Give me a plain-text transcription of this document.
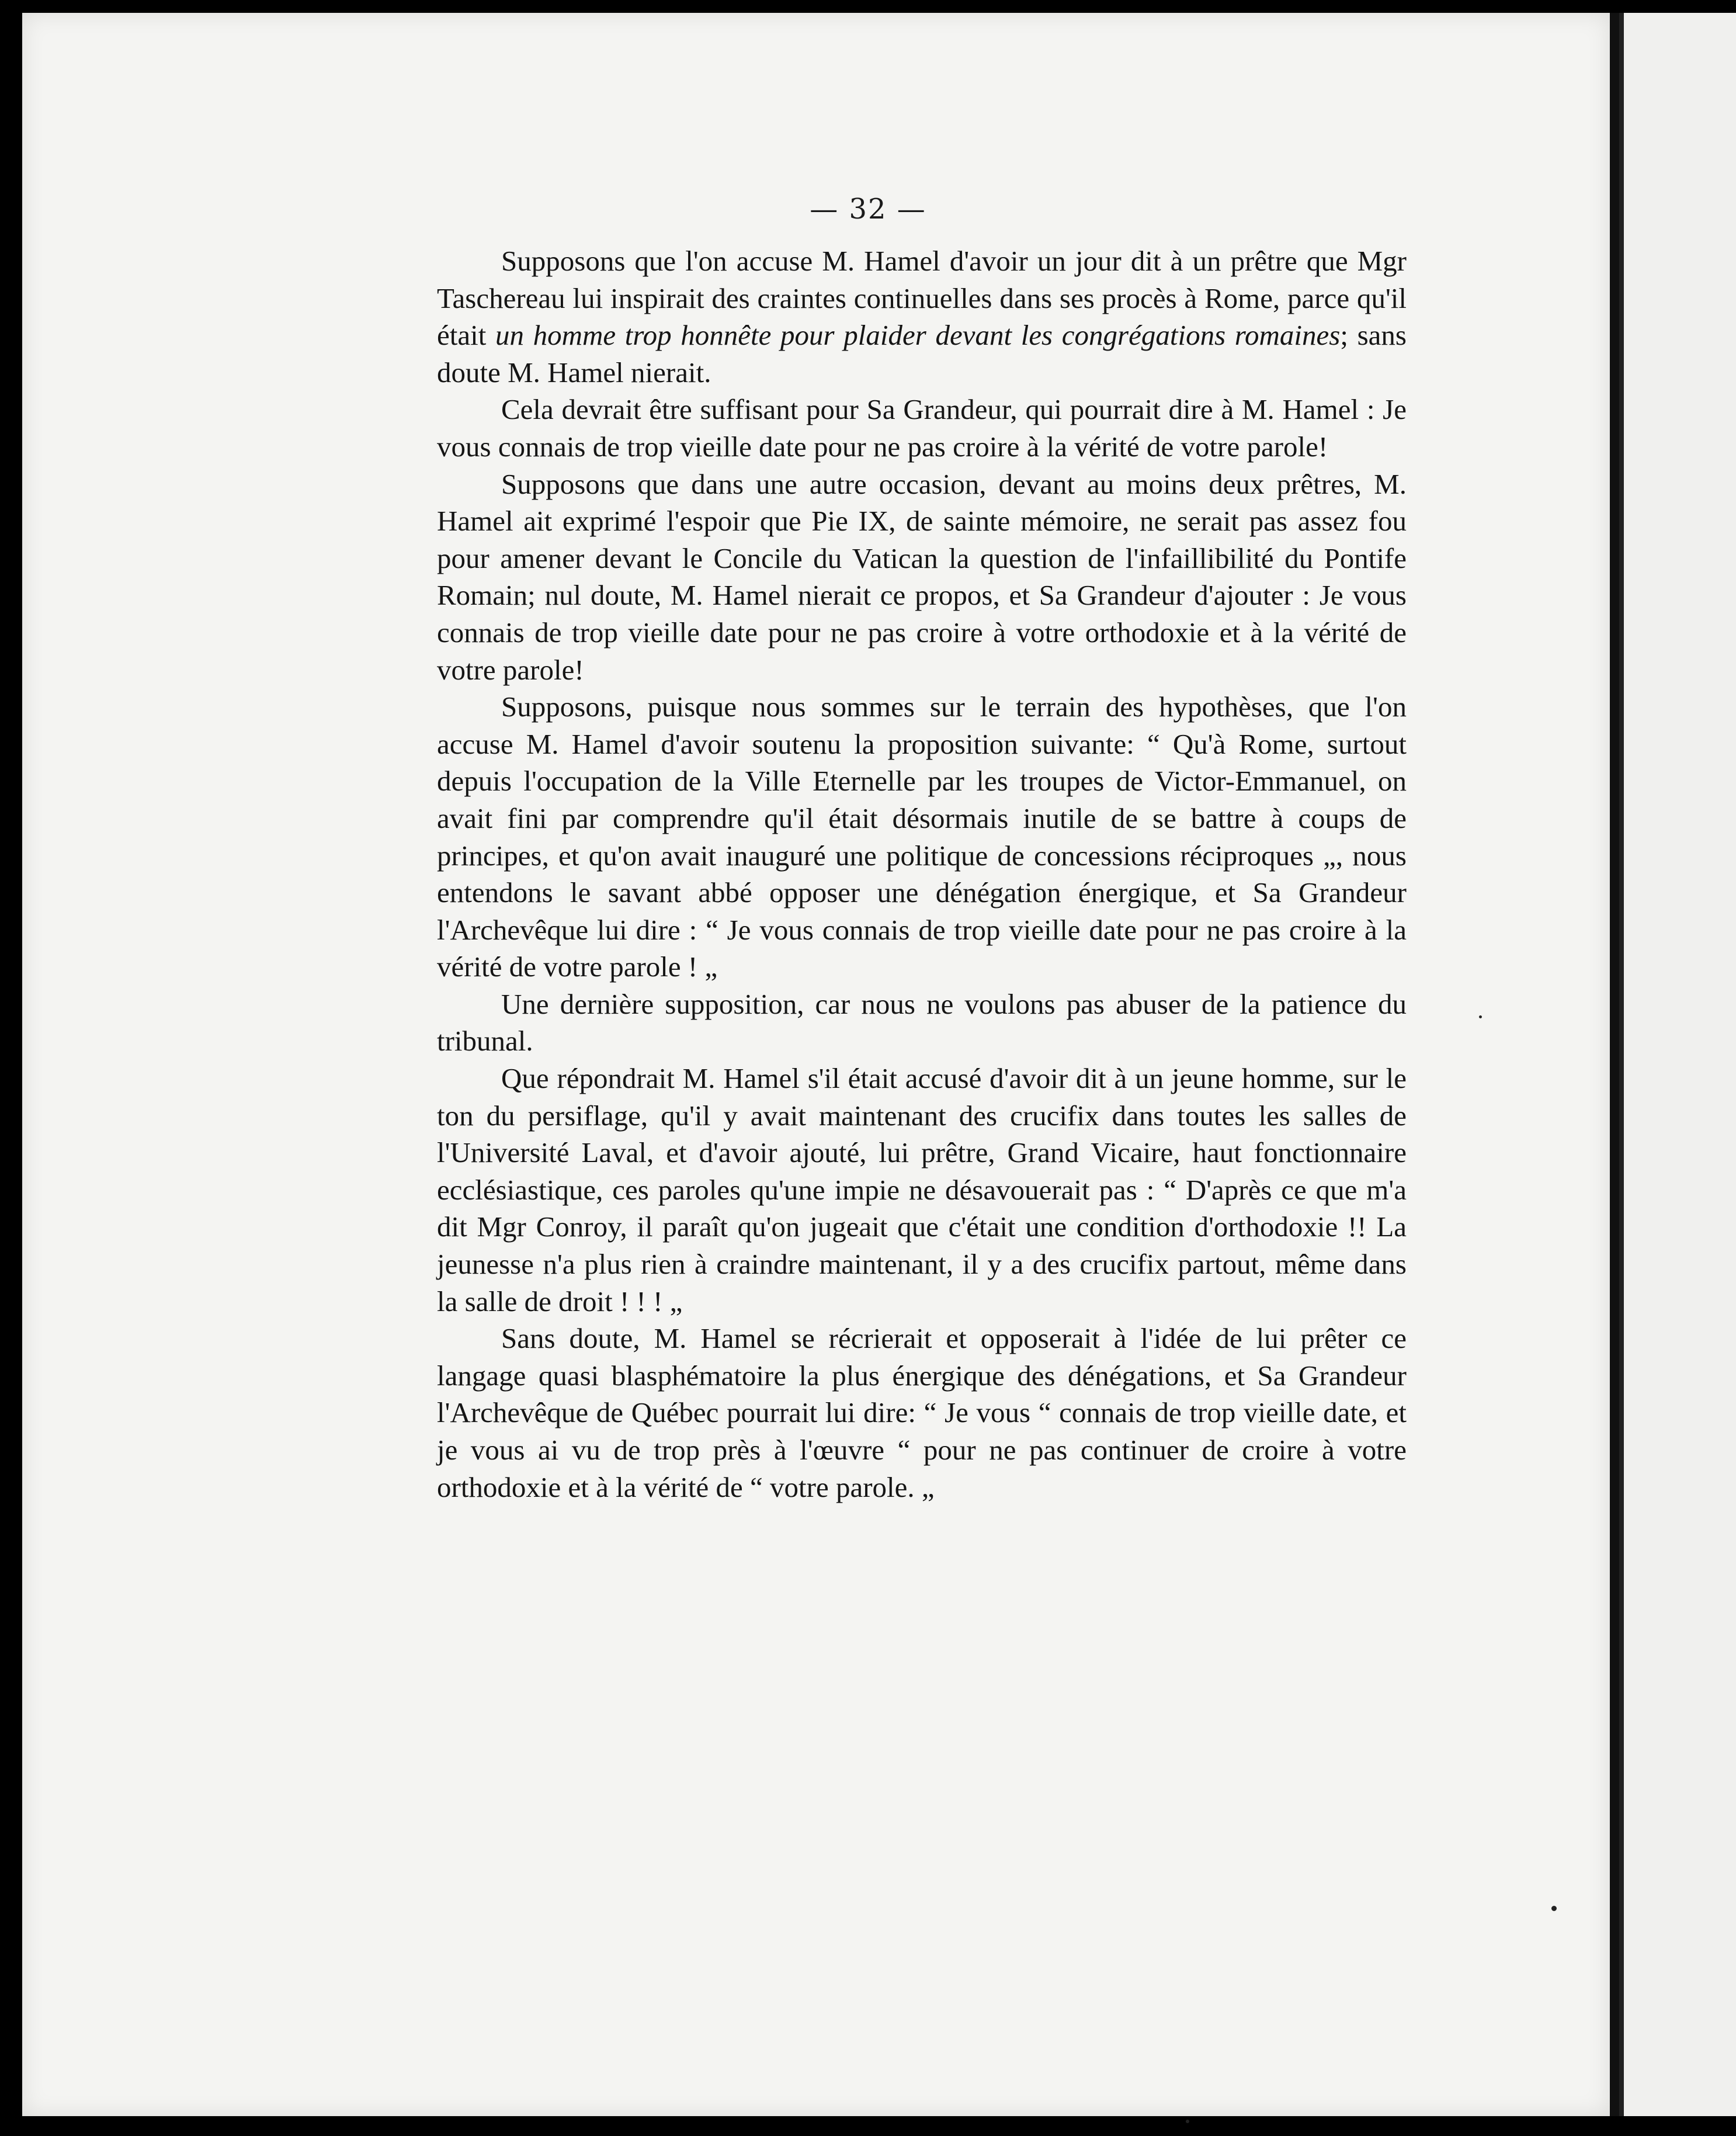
— 32 —

Supposons que l'on accuse M. Hamel d'avoir un jour dit à un prêtre que Mgr Taschereau lui inspirait des craintes continuelles dans ses procès à Rome, parce qu'il était un homme trop honnête pour plaider devant les congrégations romaines; sans doute M. Hamel nierait.

Cela devrait être suffisant pour Sa Grandeur, qui pourrait dire à M. Hamel : Je vous connais de trop vieille date pour ne pas croire à la vérité de votre parole!

Supposons que dans une autre occasion, devant au moins deux prêtres, M. Hamel ait exprimé l'espoir que Pie IX, de sainte mémoire, ne serait pas assez fou pour amener devant le Concile du Vatican la question de l'infaillibilité du Pontife Romain; nul doute, M. Hamel nierait ce propos, et Sa Grandeur d'ajouter : Je vous connais de trop vieille date pour ne pas croire à votre orthodoxie et à la vérité de votre parole!

Supposons, puisque nous sommes sur le terrain des hypothèses, que l'on accuse M. Hamel d'avoir soutenu la proposition suivante: “ Qu'à Rome, surtout depuis l'occupation de la Ville Eternelle par les troupes de Victor-Emmanuel, on avait fini par comprendre qu'il était désormais inutile de se battre à coups de principes, et qu'on avait inauguré une politique de concessions réciproques „, nous entendons le savant abbé opposer une dénégation énergique, et Sa Grandeur l'Archevêque lui dire : “ Je vous connais de trop vieille date pour ne pas croire à la vérité de votre parole ! „

Une dernière supposition, car nous ne voulons pas abuser de la patience du tribunal.

Que répondrait M. Hamel s'il était accusé d'avoir dit à un jeune homme, sur le ton du persiflage, qu'il y avait maintenant des crucifix dans toutes les salles de l'Université Laval, et d'avoir ajouté, lui prêtre, Grand Vicaire, haut fonctionnaire ecclésiastique, ces paroles qu'une impie ne désavouerait pas : “ D'après ce que m'a dit Mgr Conroy, il paraît qu'on jugeait que c'était une condition d'orthodoxie !! La jeunesse n'a plus rien à craindre maintenant, il y a des crucifix partout, même dans la salle de droit ! ! ! „

Sans doute, M. Hamel se récrierait et opposerait à l'idée de lui prêter ce langage quasi blasphématoire la plus énergique des dénégations, et Sa Grandeur l'Archevêque de Québec pourrait lui dire: “ Je vous “ connais de trop vieille date, et je vous ai vu de trop près à l'œuvre “ pour ne pas continuer de croire à votre orthodoxie et à la vérité de “ votre parole. „
